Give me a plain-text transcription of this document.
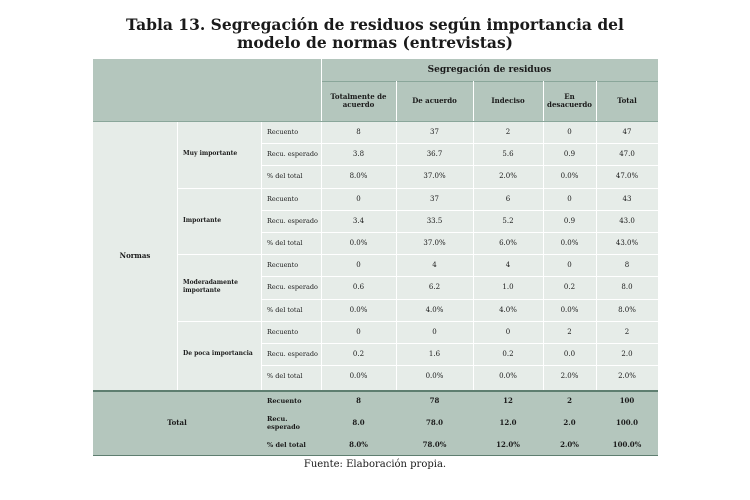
Tabla 13. Segregación de residuos según importancia del
modelo de normas (entrevistas)
Segregación de residuos
Totalmente de acuerdo	De acuerdo	Indeciso	En desacuerdo	Total
Muy importante
Recuento	8	37	2	0	47
Recu. esperado	3.8	36.7	5.6	0.9	47.0
% del total	8.0%	37.0%	2.0%	0.0%	47.0%
Importante
Recuento	0	37	6	0	43
Recu. esperado	3.4	33.5	5.2	0.9	43.0
% del total	0.0%	37.0%	6.0%	0.0%	43.0%
Moderadamente importante
Recuento	0	4	4	0	8
Recu. esperado	0.6	6.2	1.0	0.2	8.0
% del total	0.0%	4.0%	4.0%	0.0%	8.0%
De poca importancia
Recuento	0	0	0	2	2
Recu. esperado	0.2	1.6	0.2	0.0	2.0
% del total	0.0%	0.0%	0.0%	2.0%	2.0%
Normas
Total
Recuento	8	78	12	2	100
Recu. esperado	8.0	78.0	12.0	2.0	100.0
% del total	8.0%	78.0%	12.0%	2.0%	100.0%
Fuente: Elaboración propia.
